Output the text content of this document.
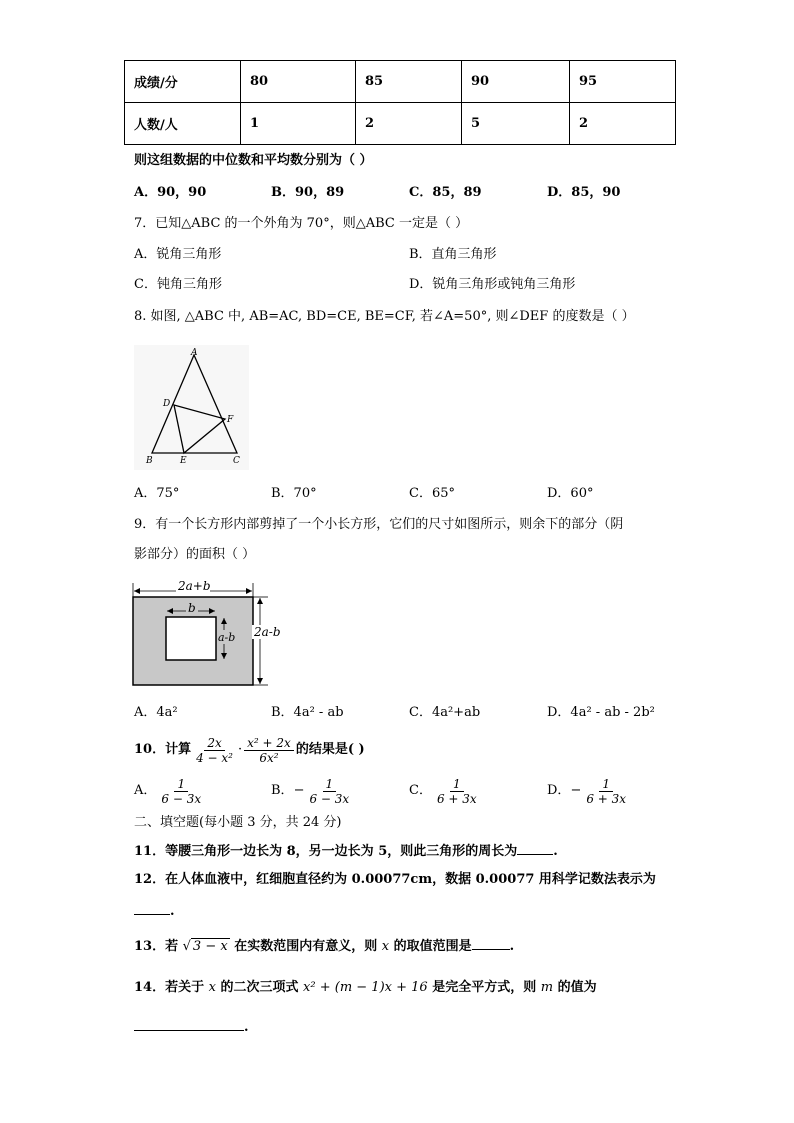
成绩/分	80	85	90	95
人数/人	1	2	5	2
则这组数据的中位数和平均数分别为（ ）
A．90，90	B．90，89	C．85，89	D．85，90
7．已知△ABC 的一个外角为 70°，则△ABC 一定是（ ）
A．锐角三角形	B．直角三角形
C．钝角三角形	D．锐角三角形或钝角三角形
8. 如图, △ABC 中, AB=AC, BD=CE, BE=CF, 若∠A=50°, 则∠DEF 的度数是（ ）
A
D
F
B	E	C
A．75°	B．70°	C．65°	D．60°
9．有一个长方形内部剪掉了一个小长方形，它们的尺寸如图所示，则余下的部分（阴
影部分）的面积（ ）
2a+b
b
a-b 2a-b
A．4a²	B．4a² - ab	C．4a²+ab	D．4a² - ab - 2b²
10．计算 $\frac{2x}{\text{4 − x²}} \cdot \frac{\text{x² + 2x}}{\text{6x²}}$ 的结果是( )
A． $\frac{1}{6 - 3x}$	B． − $\frac{1}{6 - 3x}$	C． $\frac{1}{6 + 3x}$	D． − $\frac{1}{6 + 3x}$
二、填空题(每小题 3 分，共 24 分)
11．等腰三角形一边长为 8，另一边长为 5，则此三角形的周长为	.
12．在人体血液中，红细胞直径约为 0.00077cm，数据 0.00077 用科学记数法表示为
.
13．若 √ 3 − x 在实数范围内有意义，则 x 的取值范围是	.
14．若关于 x 的二次三项式 x² + (m − 1)x + 16 是完全平方式，则 m 的值为
.
